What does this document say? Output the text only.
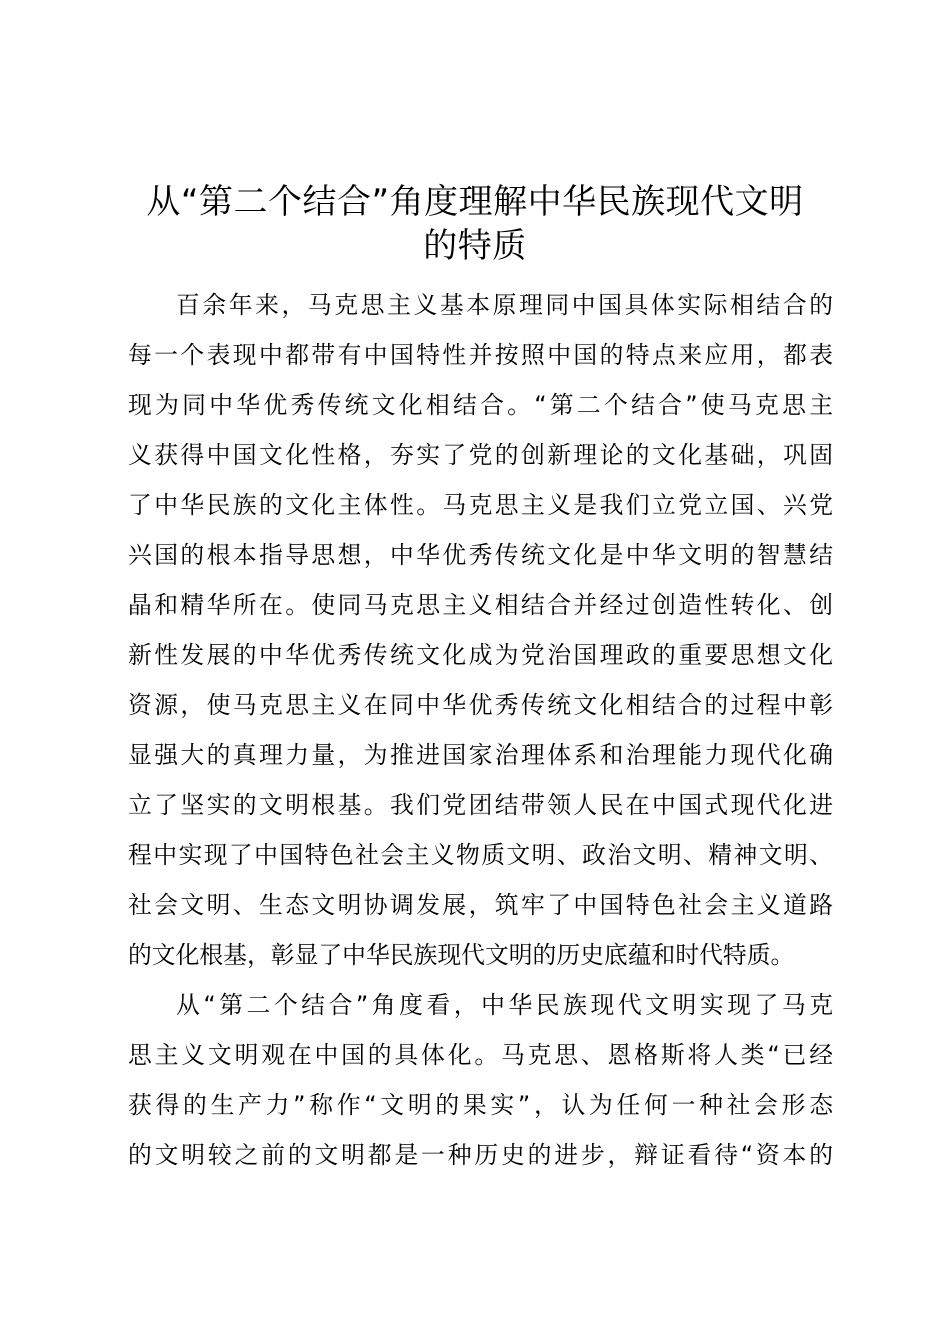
从“第二个结合”角度理解中华民族现代文明
的特质
百余年来，马克思主义基本原理同中国具体实际相结合的
每一个表现中都带有中国特性并按照中国的特点来应用，都表
现为同中华优秀传统文化相结合。“第二个结合”使马克思主
义获得中国文化性格，夯实了党的创新理论的文化基础，巩固
了中华民族的文化主体性。马克思主义是我们立党立国、兴党
兴国的根本指导思想，中华优秀传统文化是中华文明的智慧结
晶和精华所在。使同马克思主义相结合并经过创造性转化、创
新性发展的中华优秀传统文化成为党治国理政的重要思想文化
资源，使马克思主义在同中华优秀传统文化相结合的过程中彰
显强大的真理力量，为推进国家治理体系和治理能力现代化确
立了坚实的文明根基。我们党团结带领人民在中国式现代化进
程中实现了中国特色社会主义物质文明、政治文明、精神文明、
社会文明、生态文明协调发展，筑牢了中国特色社会主义道路
的文化根基，彰显了中华民族现代文明的历史底蕴和时代特质。
从“第二个结合”角度看，中华民族现代文明实现了马克
思主义文明观在中国的具体化。马克思、恩格斯将人类“已经
获得的生产力”称作“文明的果实”，认为任何一种社会形态
的文明较之前的文明都是一种历史的进步，辩证看待“资本的
